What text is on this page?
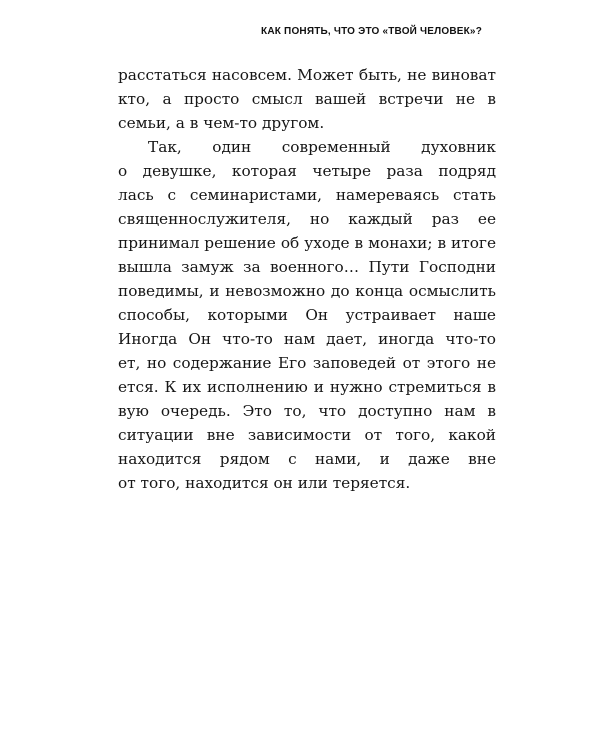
КАК ПОНЯТЬ, ЧТО ЭТО «ТВОЙ ЧЕЛОВЕК»?
расстаться насовсем. Может быть, не виноват
кто, а просто смысл вашей встречи не в
семьи, а в чем-то другом.
Так, один современный духовник
о девушке, которая четыре раза подряд
лась с семинаристами, намереваясь стать
священнослужителя, но каждый раз ее
принимал решение об уходе в монахи; в итоге
вышла замуж за военного… Пути Господни
поведимы, и невозможно до конца осмыслить
способы, которыми Он устраивает наше
Иногда Он что-то нам дает, иногда что-то
ет, но содержание Его заповедей от этого не
ется. К их исполнению и нужно стремиться в
вую очередь. Это то, что доступно нам в
ситуации вне зависимости от того, какой
находится рядом с нами, и даже вне
от того, находится он или теряется.
